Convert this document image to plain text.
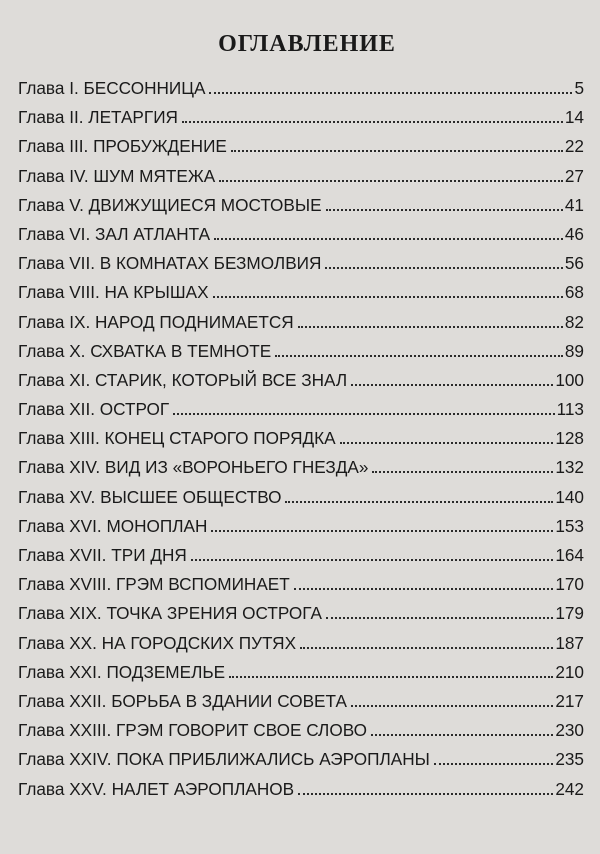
ОГЛАВЛЕНИЕ
Глава I. БЕССОННИЦА	5
Глава II. ЛЕТАРГИЯ	14
Глава III. ПРОБУЖДЕНИЕ	22
Глава IV. ШУМ МЯТЕЖА	27
Глава V. ДВИЖУЩИЕСЯ МОСТОВЫЕ	41
Глава VI. ЗАЛ АТЛАНТА	46
Глава VII. В КОМНАТАХ БЕЗМОЛВИЯ	56
Глава VIII. НА КРЫШАХ	68
Глава IX. НАРОД ПОДНИМАЕТСЯ	82
Глава X. СХВАТКА В ТЕМНОТЕ	89
Глава XI. СТАРИК, КОТОРЫЙ ВСЕ ЗНАЛ	100
Глава XII. ОСТРОГ	113
Глава XIII. КОНЕЦ СТАРОГО ПОРЯДКА	128
Глава XIV. ВИД ИЗ «ВОРОНЬЕГО ГНЕЗДА»	132
Глава XV. ВЫСШЕЕ ОБЩЕСТВО	140
Глава XVI. МОНОПЛАН	153
Глава XVII. ТРИ ДНЯ	164
Глава XVIII. ГРЭМ ВСПОМИНАЕТ	170
Глава XIX. ТОЧКА ЗРЕНИЯ ОСТРОГА	179
Глава XX. НА ГОРОДСКИХ ПУТЯХ	187
Глава XXI. ПОДЗЕМЕЛЬЕ	210
Глава XXII. БОРЬБА В ЗДАНИИ СОВЕТА	217
Глава XXIII. ГРЭМ ГОВОРИТ СВОЕ СЛОВО	230
Глава XXIV. ПОКА ПРИБЛИЖАЛИСЬ АЭРОПЛАНЫ	235
Глава XXV. НАЛЕТ АЭРОПЛАНОВ	242
